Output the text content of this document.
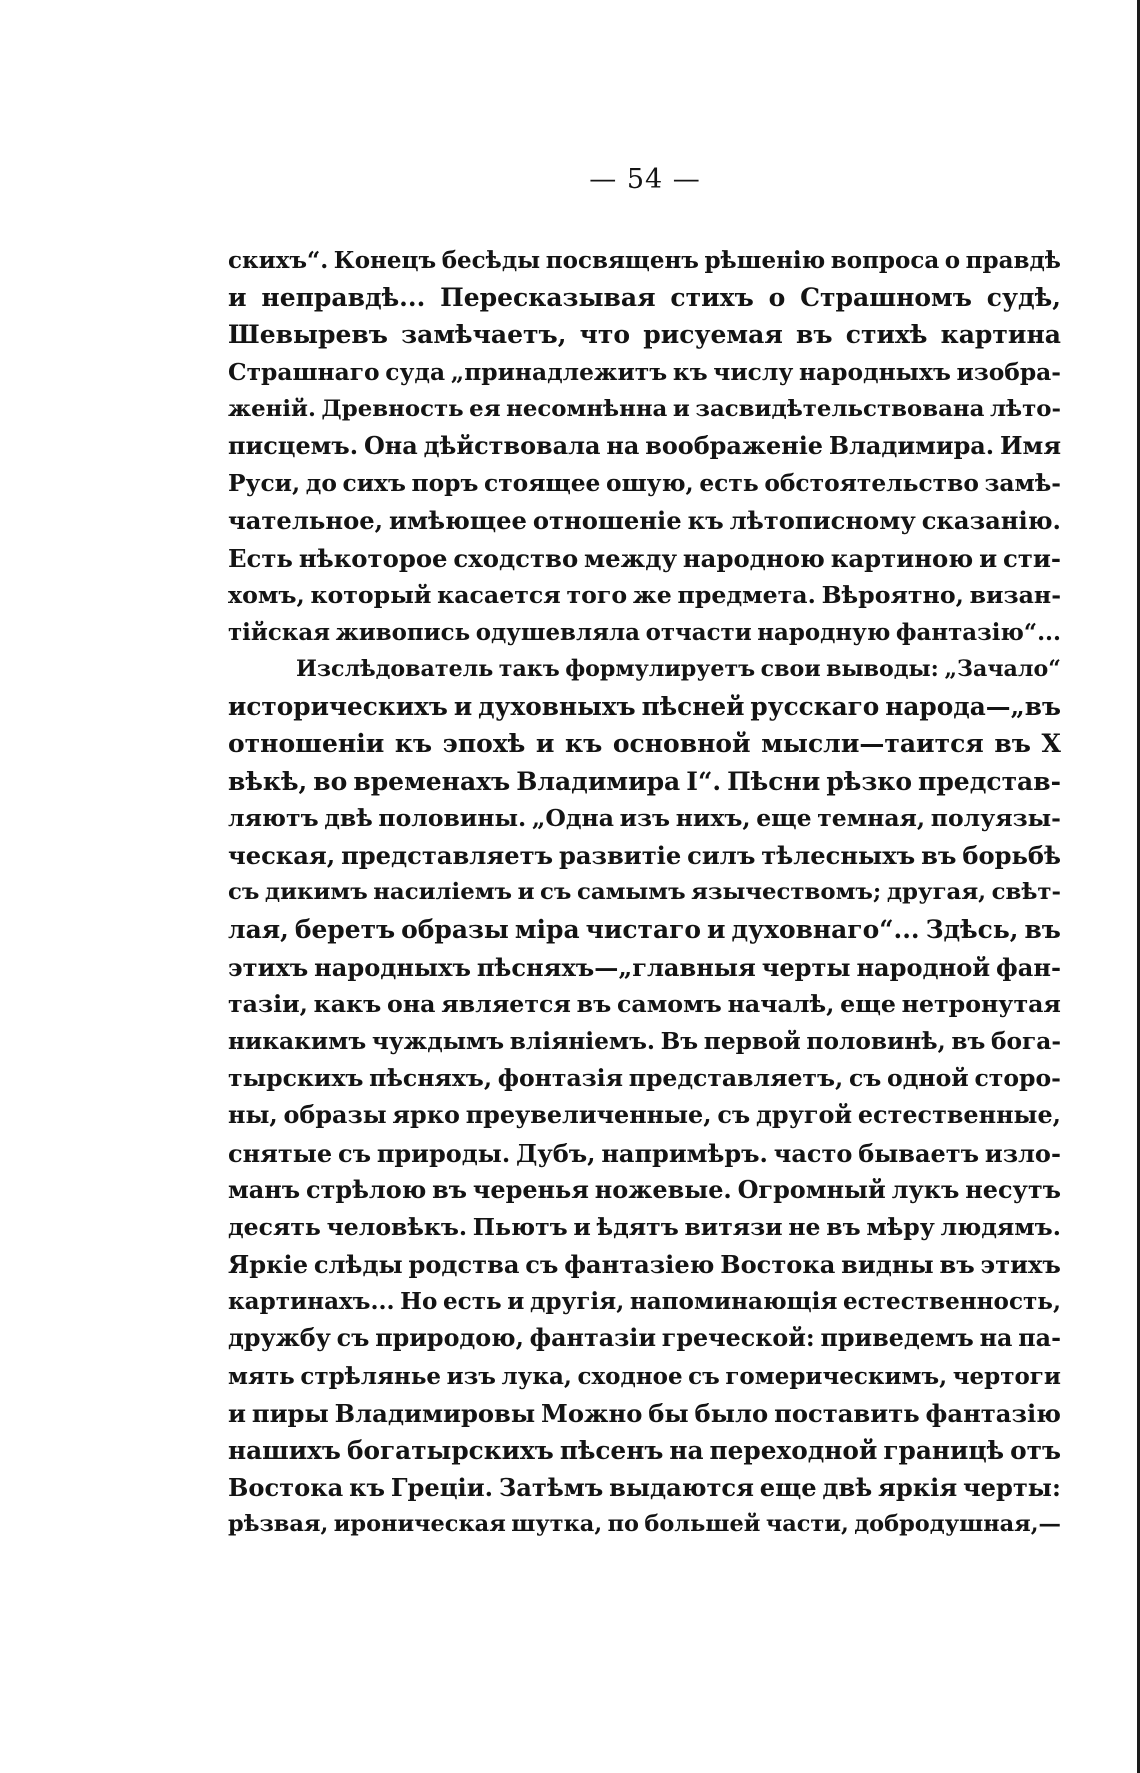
— 54 —
скихъ“. Конецъ бесѣды посвященъ рѣшенію вопроса о правдѣ
и неправдѣ... Пересказывая стихъ о Страшномъ судѣ,
Шевыревъ замѣчаетъ, что рисуемая въ стихѣ картина
Страшнаго суда „принадлежитъ къ числу народныхъ изобра-
женій. Древность ея несомнѣнна и засвидѣтельствована лѣто-
писцемъ. Она дѣйствовала на воображеніе Владимира. Имя
Руси, до сихъ поръ стоящее ошую, есть обстоятельство замѣ-
чательное, имѣющее отношеніе къ лѣтописному сказанію.
Есть нѣкоторое сходство между народною картиною и сти-
хомъ, который касается того же предмета. Вѣроятно, визан-
тійская живопись одушевляла отчасти народную фантазію“...
Изслѣдователь такъ формулируетъ свои выводы: „Зачало“
историческихъ и духовныхъ пѣсней русскаго народа—„въ
отношеніи къ эпохѣ и къ основной мысли—таится въ X
вѣкѣ, во временахъ Владимира I“. Пѣсни рѣзко представ-
ляютъ двѣ половины. „Одна изъ нихъ, еще темная, полуязы-
ческая, представляетъ развитіе силъ тѣлесныхъ въ борьбѣ
съ дикимъ насиліемъ и съ самымъ язычествомъ; другая, свѣт-
лая, беретъ образы міра чистаго и духовнаго“... Здѣсь, въ
этихъ народныхъ пѣсняхъ—„главныя черты народной фан-
тазіи, какъ она является въ самомъ началѣ, еще нетронутая
никакимъ чуждымъ вліяніемъ. Въ первой половинѣ, въ бога-
тырскихъ пѣсняхъ, фонтазія представляетъ, съ одной сторо-
ны, образы ярко преувеличенные, съ другой естественные,
снятые съ природы. Дубъ, напримѣръ. часто бываетъ изло-
манъ стрѣлою въ черенья ножевые. Огромный лукъ несутъ
десять человѣкъ. Пьютъ и ѣдятъ витязи не въ мѣру людямъ.
Яркіе слѣды родства съ фантазіею Востока видны въ этихъ
картинахъ... Но есть и другія, напоминающія естественность,
дружбу съ природою, фантазіи греческой: приведемъ на па-
мять стрѣлянье изъ лука, сходное съ гомерическимъ, чертоги
и пиры Владимировы Можно бы было поставить фантазію
нашихъ богатырскихъ пѣсенъ на переходной границѣ отъ
Востока къ Греціи. Затѣмъ выдаются еще двѣ яркія черты:
рѣзвая, ироническая шутка, по большей части, добродушная,—
